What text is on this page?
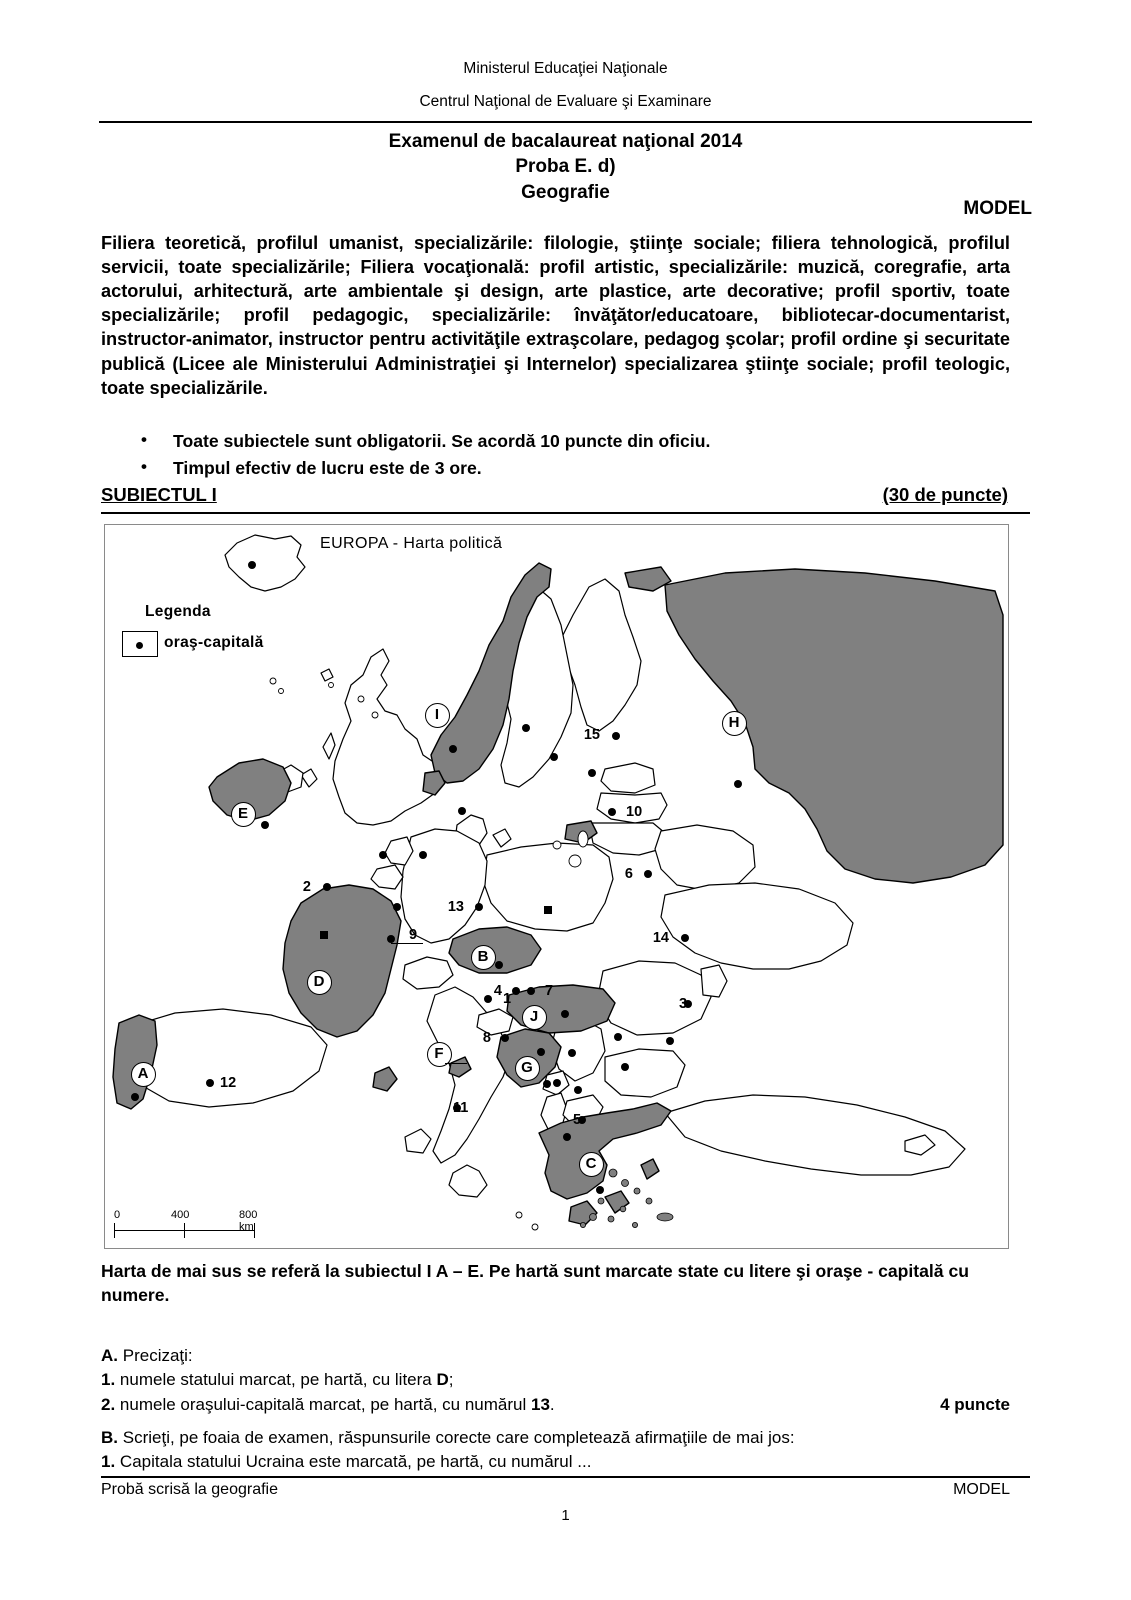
Ministerul Educaţiei Naţionale
Centrul Naţional de Evaluare şi Examinare
Examenul de bacalaureat naţional 2014
Proba E. d)
Geografie
MODEL
Filiera teoretică, profilul umanist, specializările: filologie, ştiinţe sociale; filiera tehnologică, profilul servicii, toate specializările; Filiera vocaţională: profil artistic, specializările: muzică, coregrafie, arta actorului, arhitectură, arte ambientale şi design, arte plastice, arte decorative; profil sportiv, toate specializările; profil pedagogic, specializările: învăţător/educatoare, bibliotecar-documentarist, instructor-animator, instructor pentru activităţile extraşcolare, pedagog şcolar; profil ordine şi securitate publică (Licee ale Ministerului Administraţiei şi Internelor) specializarea ştiinţe sociale; profil teologic, toate specializările.
• Toate subiectele sunt obligatorii. Se acordă 10 puncte din oficiu.
• Timpul efectiv de lucru este de 3 ore.
SUBIECTUL I	(30 de puncte)
EUROPA - Harta politică
Legenda
oraş-capitală
0	400	800 km
1
2
3
4
5
6
7
8
9
10
11
12
13
14
15
A
B
C
D
E
F
G
H
I
J
Harta de mai sus se referă la subiectul I A – E. Pe hartă sunt marcate state cu litere şi oraşe - capitală cu numere.
A. Precizaţi:
1. numele statului marcat, pe hartă, cu litera D;
2. numele oraşului-capitală marcat, pe hartă, cu numărul 13.	4 puncte
B. Scrieţi, pe foaia de examen, răspunsurile corecte care completează afirmaţiile de mai jos:
1. Capitala statului Ucraina este marcată, pe hartă, cu numărul ...
Probă scrisă la geografie	MODEL
1
